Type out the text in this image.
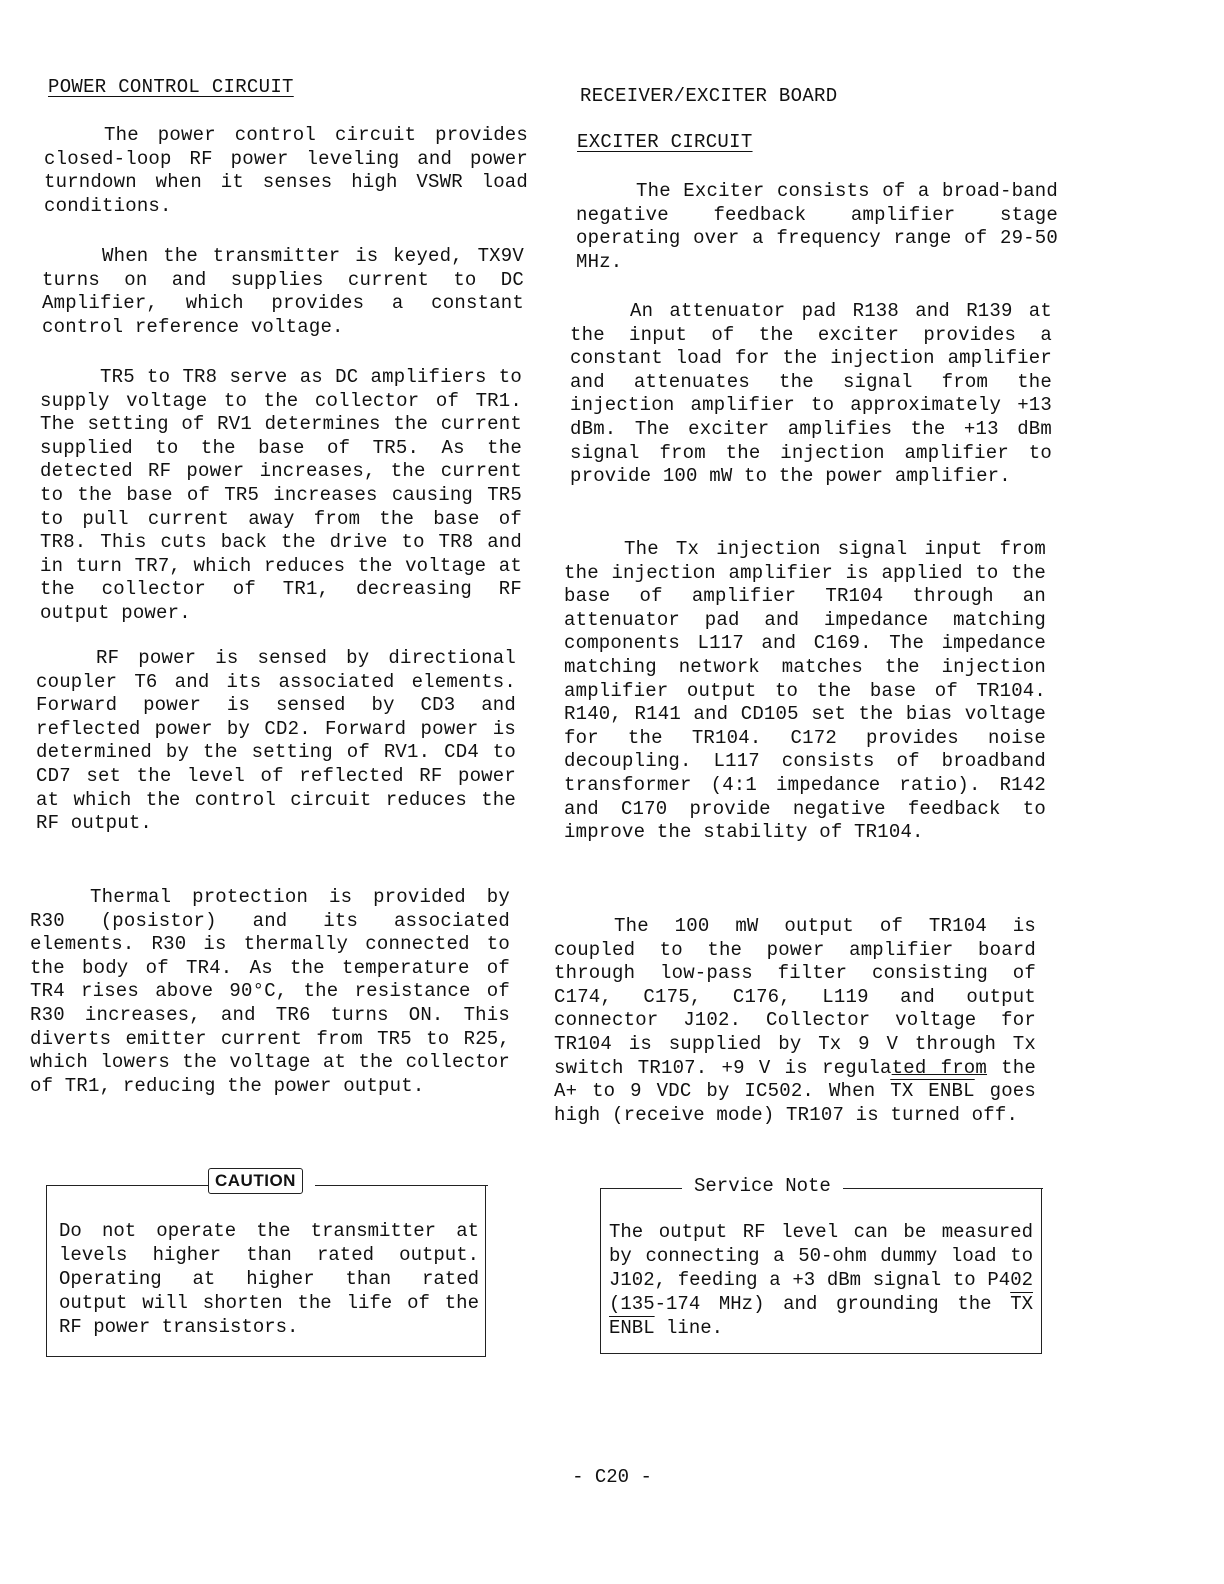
POWER CONTROL CIRCUIT

The power control circuit provides closed-loop RF power leveling and power turndown when it senses high VSWR load conditions.

When the transmitter is keyed, TX9V turns on and supplies current to DC Amplifier, which provides a constant control reference voltage.

TR5 to TR8 serve as DC amplifiers to supply voltage to the collector of TR1. The setting of RV1 determines the current supplied to the base of TR5. As the detected RF power increases, the current to the base of TR5 increases causing TR5 to pull current away from the base of TR8. This cuts back the drive to TR8 and in turn TR7, which reduces the voltage at the collector of TR1, decreasing RF output power.

RF power is sensed by directional coupler T6 and its associated elements. Forward power is sensed by CD3 and reflected power by CD2. Forward power is determined by the setting of RV1. CD4 to CD7 set the level of reflected RF power at which the control circuit reduces the RF output.

Thermal protection is provided by R30 (posistor) and its associated elements. R30 is thermally connected to the body of TR4. As the temperature of TR4 rises above 90°C, the resistance of R30 increases, and TR6 turns ON. This diverts emitter current from TR5 to R25, which lowers the voltage at the collector of TR1, reducing the power output.

Do not operate the transmitter at levels higher than rated output. Operating at higher than rated output will shorten the life of the RF power transistors.

CAUTION
RECEIVER/EXCITER BOARD
EXCITER CIRCUIT

The Exciter consists of a broad-band negative feedback amplifier stage operating over a frequency range of 29-50 MHz.

An attenuator pad R138 and R139 at the input of the exciter provides a constant load for the injection amplifier and attenuates the signal from the injection amplifier to approximately +13 dBm. The exciter amplifies the +13 dBm signal from the injection amplifier to provide 100 mW to the power amplifier.

The Tx injection signal input from the injection amplifier is applied to the base of amplifier TR104 through an attenuator pad and impedance matching components L117 and C169. The impedance matching network matches the injection amplifier output to the base of TR104. R140, R141 and CD105 set the bias voltage for the TR104. C172 provides noise decoupling. L117 consists of broadband transformer (4:1 impedance ratio). R142 and C170 provide negative feedback to improve the stability of TR104.

The 100 mW output of TR104 is coupled to the power amplifier board through low-pass filter consisting of C174, C175, C176, L119 and output connector J102. Collector voltage for TR104 is supplied by Tx 9 V through Tx switch TR107. +9 V is regulated from the A+ to 9 VDC by IC502. When TX ENBL goes high (receive mode) TR107 is turned off.

The output RF level can be measured by connecting a 50-ohm dummy load to J102, feeding a +3 dBm signal to P402 (135-174 MHz) and grounding the TX ENBL line.

Service Note
- C20 -
